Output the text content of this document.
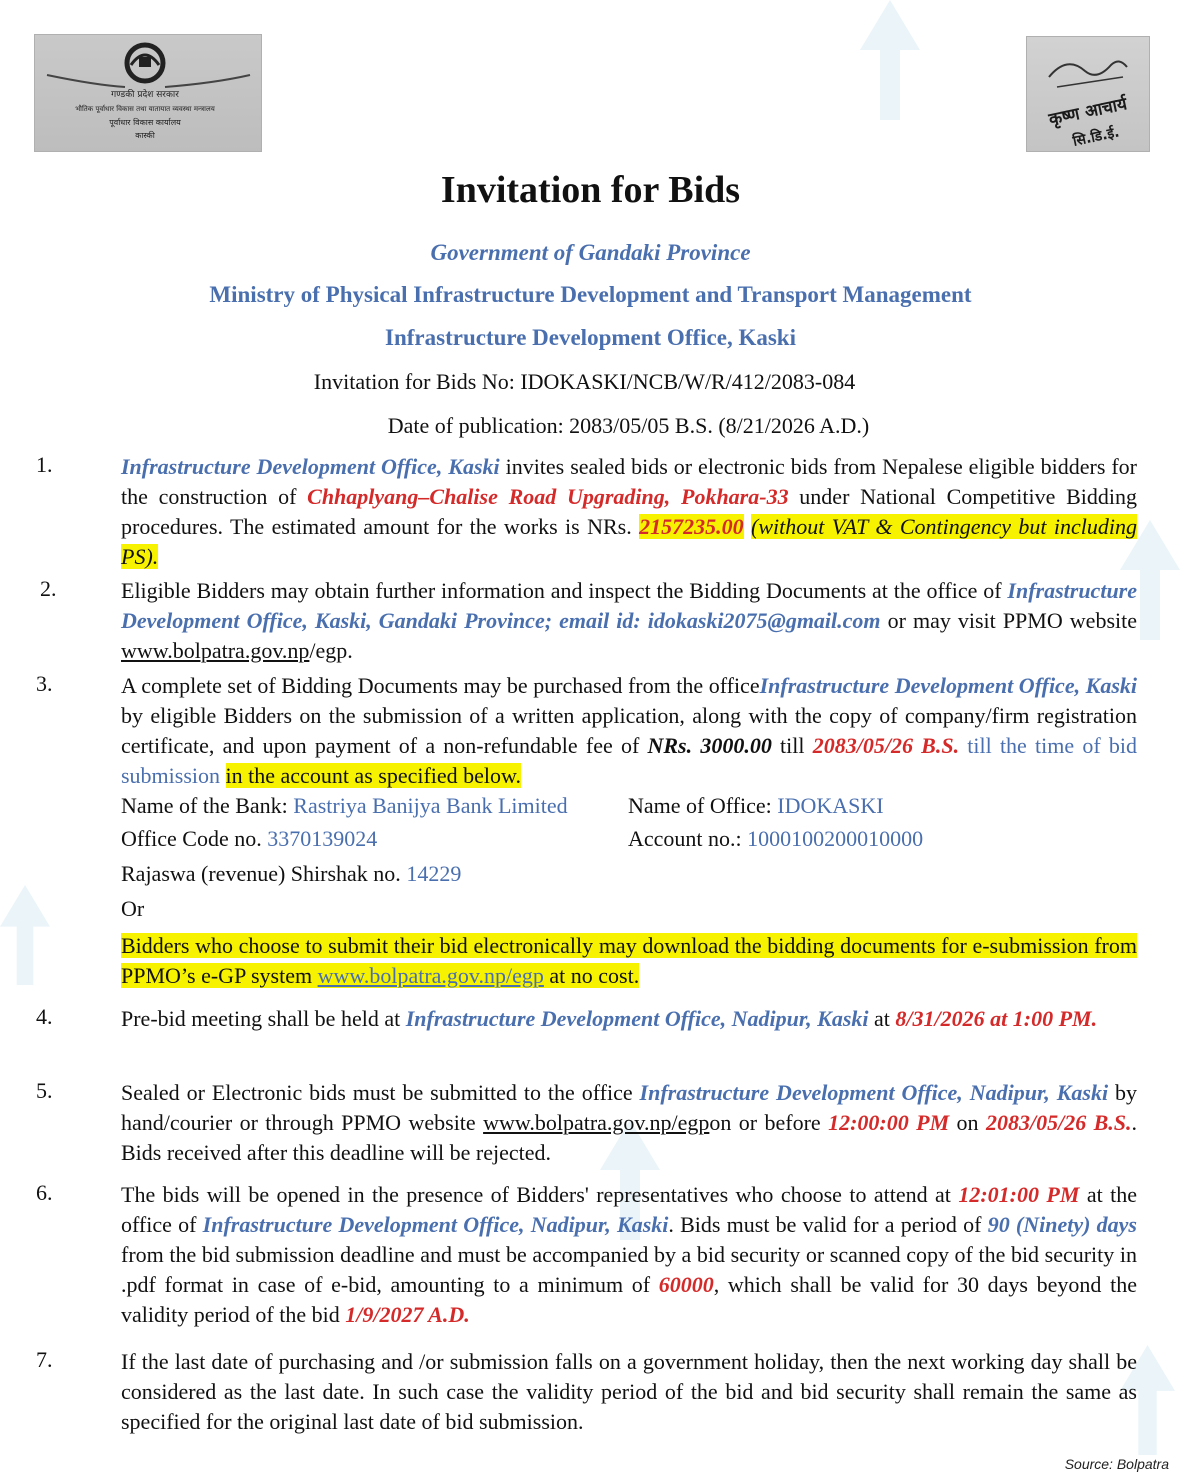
गण्डकी प्रदेश सरकार
भौतिक पूर्वाधार विकास तथा यातायात व्यवस्था मन्त्रालय
पूर्वाधार विकास कार्यालय
कास्की
कृष्ण आचार्य
सि.डि.ई.
Invitation for Bids
Government of Gandaki Province
Ministry of Physical Infrastructure Development and Transport Management
Infrastructure Development Office, Kaski
Invitation for Bids No: IDOKASKI/NCB/W/R/412/2083-084
Date of publication: 2083/05/05 B.S. (8/21/2026 A.D.)
1.	Infrastructure Development Office, Kaski invites sealed bids or electronic bids from Nepalese eligible bidders for the construction of Chhaplyang–Chalise Road Upgrading, Pokhara-33 under National Competitive Bidding procedures. The estimated amount for the works is NRs. 2157235.00 (without VAT & Contingency but including PS).
2.	Eligible Bidders may obtain further information and inspect the Bidding Documents at the office of Infrastructure Development Office, Kaski, Gandaki Province; email id: idokaski2075@gmail.com or may visit PPMO website www.bolpatra.gov.np/egp.
3.	A complete set of Bidding Documents may be purchased from the officeInfrastructure Development Office, Kaski by eligible Bidders on the submission of a written application, along with the copy of company/firm registration certificate, and upon payment of a non-refundable fee of NRs. 3000.00 till 2083/05/26 B.S. till the time of bid submission in the account as specified below.
Name of the Bank: Rastriya Banijya Bank Limited	Name of Office: IDOKASKI
Office Code no. 3370139024	Account no.: 1000100200010000
Rajaswa (revenue) Shirshak no. 14229
Or
Bidders who choose to submit their bid electronically may download the bidding documents for e-submission from PPMO’s e-GP system www.bolpatra.gov.np/egp at no cost.
4.	Pre-bid meeting shall be held at Infrastructure Development Office, Nadipur, Kaski at 8/31/2026 at 1:00 PM.
5.	Sealed or Electronic bids must be submitted to the office Infrastructure Development Office, Nadipur, Kaski by hand/courier or through PPMO website www.bolpatra.gov.np/egpon or before 12:00:00 PM on 2083/05/26 B.S.. Bids received after this deadline will be rejected.
6.	The bids will be opened in the presence of Bidders' representatives who choose to attend at 12:01:00 PM at the office of Infrastructure Development Office, Nadipur, Kaski. Bids must be valid for a period of 90 (Ninety) days from the bid submission deadline and must be accompanied by a bid security or scanned copy of the bid security in .pdf format in case of e-bid, amounting to a minimum of 60000, which shall be valid for 30 days beyond the validity period of the bid 1/9/2027 A.D.
7.	If the last date of purchasing and /or submission falls on a government holiday, then the next working day shall be considered as the last date. In such case the validity period of the bid and bid security shall remain the same as specified for the original last date of bid submission.
Source: Bolpatra
